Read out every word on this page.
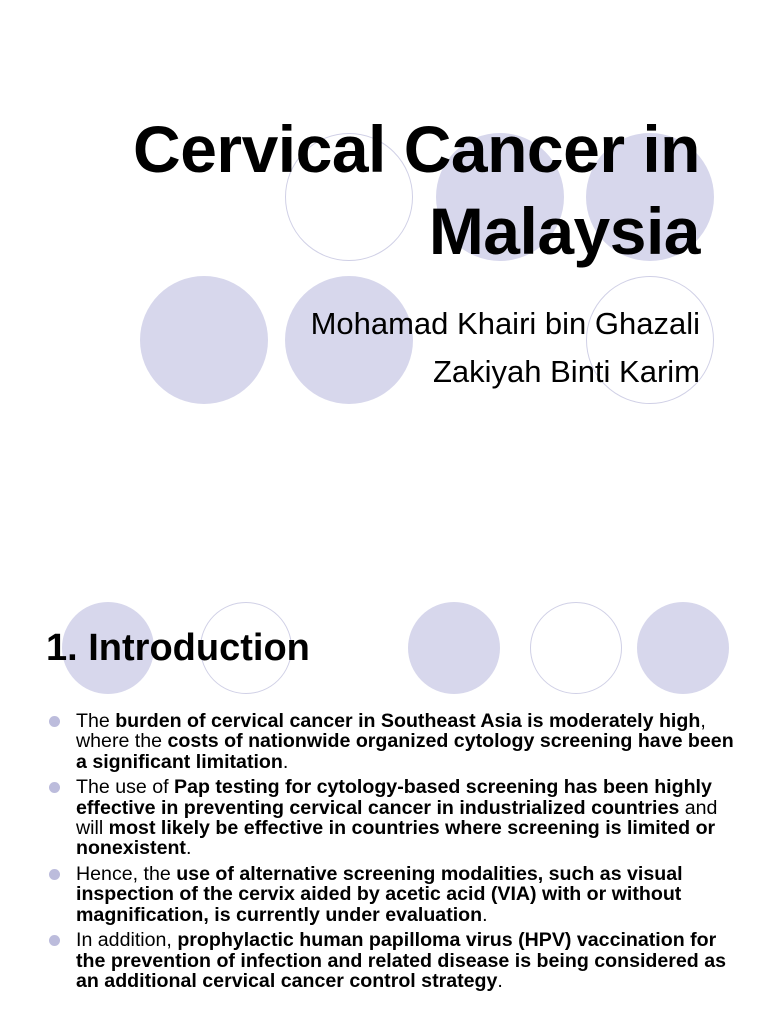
Cervical Cancer in
Malaysia
Mohamad Khairi bin Ghazali
Zakiyah Binti Karim
1. Introduction
The burden of cervical cancer in Southeast Asia is moderately high, where the costs of nationwide organized cytology screening have been a significant limitation.
The use of Pap testing for cytology-based screening has been highly effective in preventing cervical cancer in industrialized countries and will most likely be effective in countries where screening is limited or nonexistent.
Hence, the use of alternative screening modalities, such as visual inspection of the cervix aided by acetic acid (VIA) with or without magnification, is currently under evaluation.
In addition, prophylactic human papilloma virus (HPV) vaccination for the prevention of infection and related disease is being considered as an additional cervical cancer control strategy.
